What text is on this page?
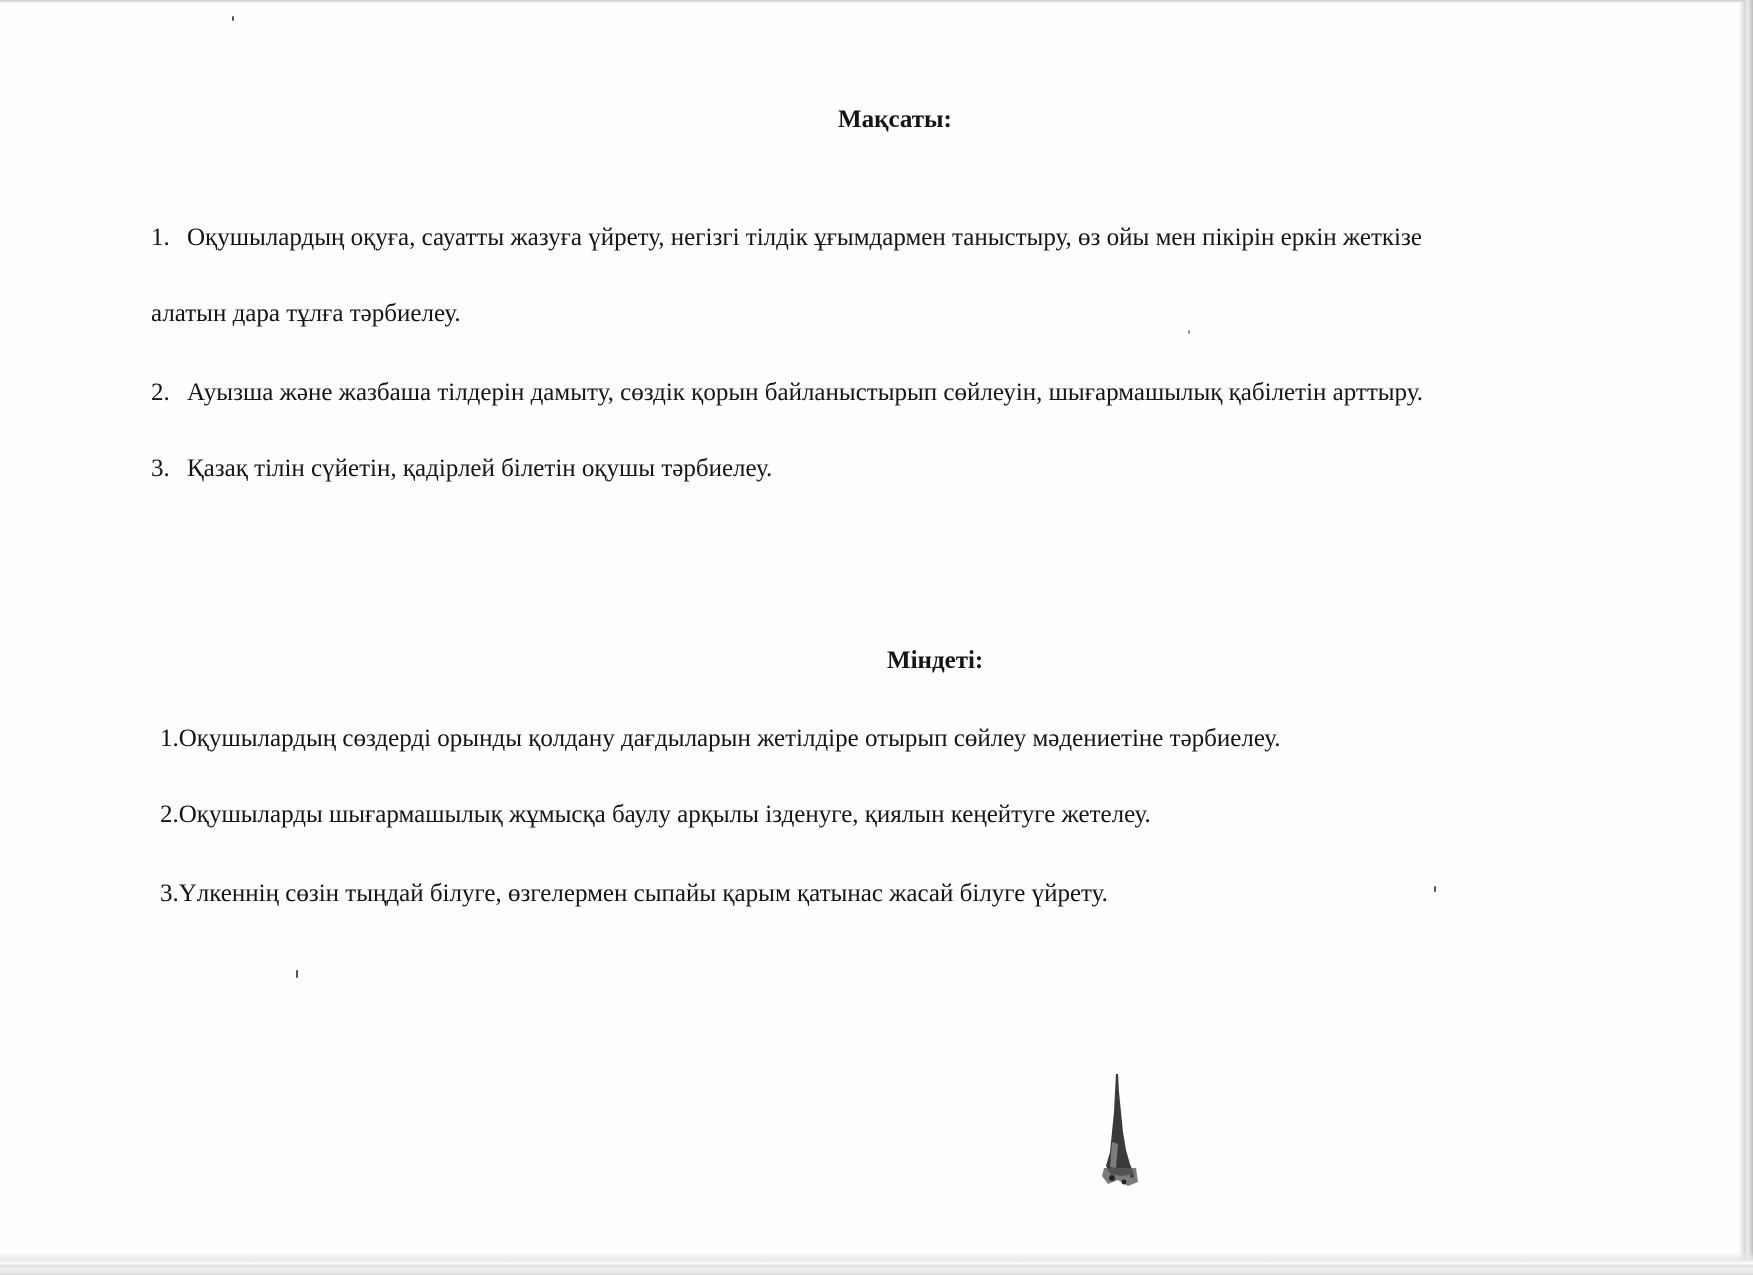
Мақсаты:
1. Оқушылардың оқуға, сауатты жазуға үйрету, негізгі тілдік ұғымдармен таныстыру, өз ойы мен пікірін еркін жеткізе
алатын дара тұлға тәрбиелеу.
2. Ауызша және жазбаша тілдерін дамыту, сөздік қорын байланыстырып сөйлеуін, шығармашылық қабілетін арттыру.
3. Қазақ тілін сүйетін, қадірлей білетін оқушы тәрбиелеу.
Міндеті:
1.Оқушылардың сөздерді орынды қолдану дағдыларын жетілдіре отырып сөйлеу мәдениетіне тәрбиелеу.
2.Оқушыларды шығармашылық жұмысқа баулу арқылы ізденуге, қиялын кеңейтуге жетелеу.
3.Үлкеннің сөзін тыңдай білуге, өзгелермен сыпайы қарым қатынас жасай білуге үйрету.
